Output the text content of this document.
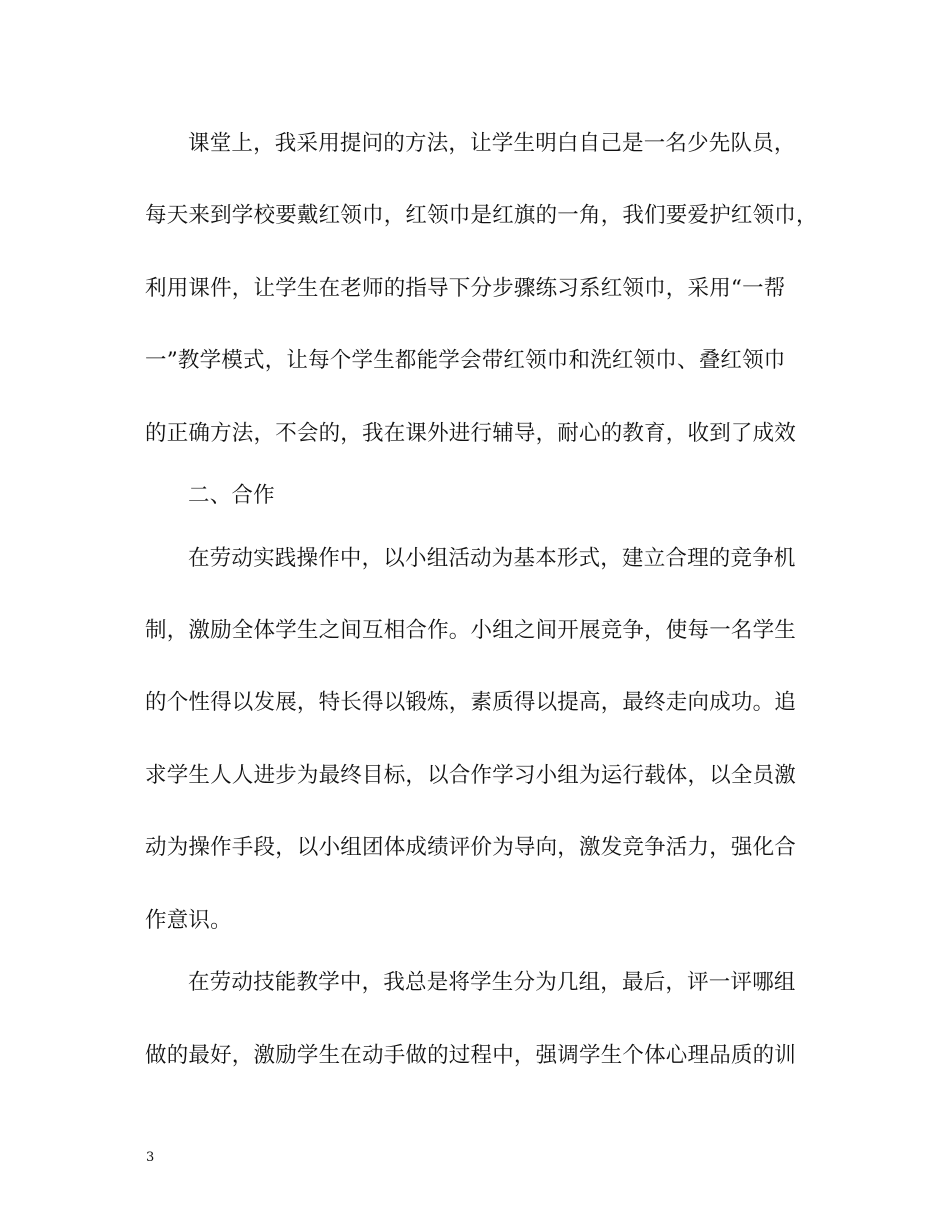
课堂上，我采用提问的方法，让学生明白自己是一名少先队员，
每天来到学校要戴红领巾，红领巾是红旗的一角，我们要爱护红领巾，
利用课件，让学生在老师的指导下分步骤练习系红领巾，采用“一帮
一”教学模式，让每个学生都能学会带红领巾和洗红领巾、叠红领巾
的正确方法，不会的，我在课外进行辅导，耐心的教育，收到了成效
二、合作
在劳动实践操作中，以小组活动为基本形式，建立合理的竞争机
制，激励全体学生之间互相合作。小组之间开展竞争，使每一名学生
的个性得以发展，特长得以锻炼，素质得以提高，最终走向成功。追
求学生人人进步为最终目标，以合作学习小组为运行载体，以全员激
动为操作手段，以小组团体成绩评价为导向，激发竞争活力，强化合
作意识。
在劳动技能教学中，我总是将学生分为几组，最后，评一评哪组
做的最好，激励学生在动手做的过程中，强调学生个体心理品质的训
3
